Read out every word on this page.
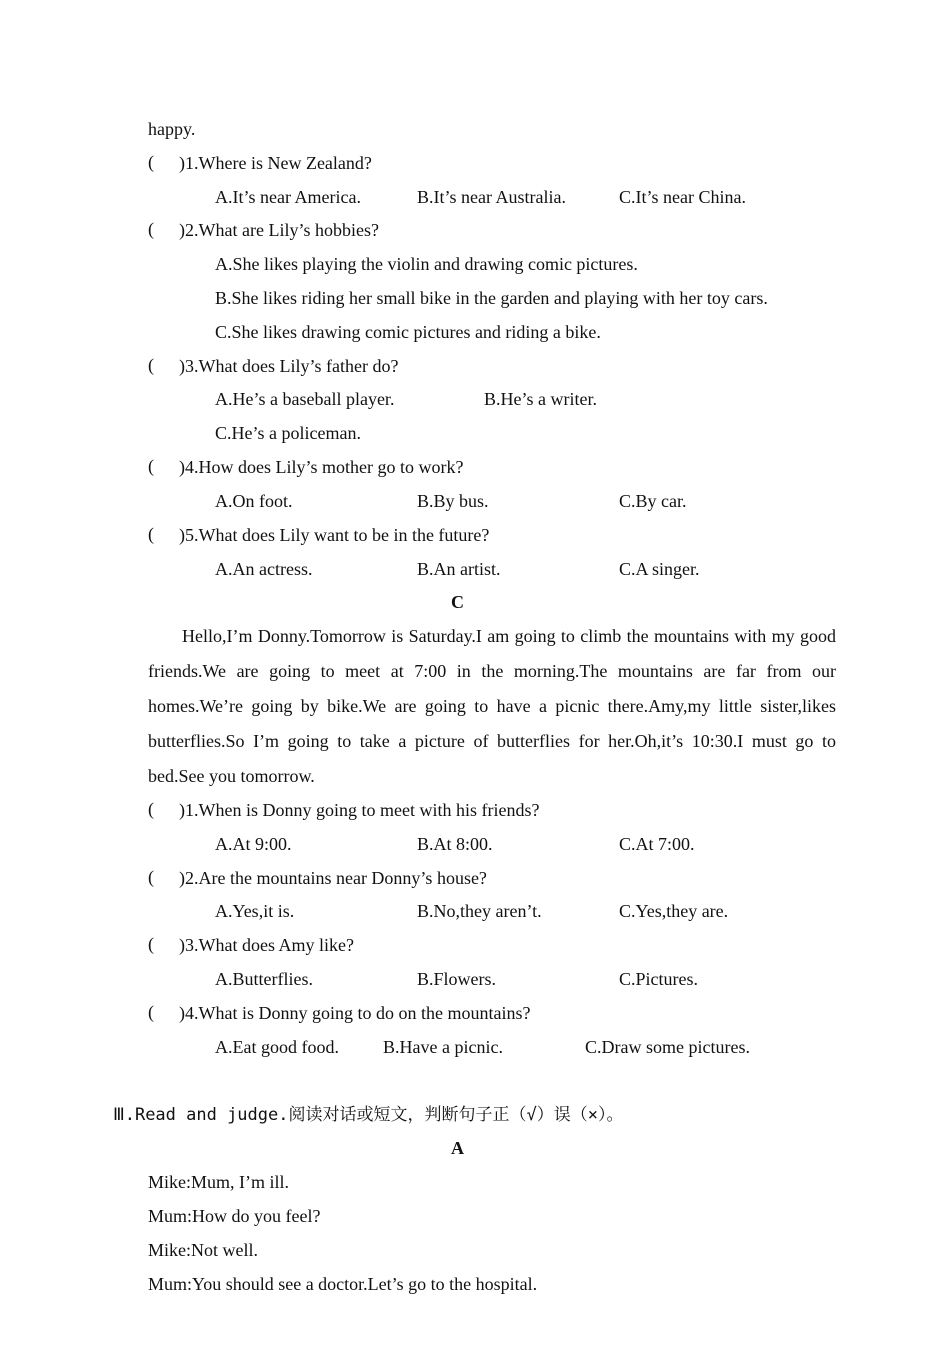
happy.
( )1.Where is New Zealand?
A.It’s near America.	B.It’s near Australia.	C.It’s near China.
( )2.What are Lily’s hobbies?
A.She likes playing the violin and drawing comic pictures.
B.She likes riding her small bike in the garden and playing with her toy cars.
C.She likes drawing comic pictures and riding a bike.
( )3.What does Lily’s father do?
A.He’s a baseball player.	B.He’s a writer.
C.He’s a policeman.
( )4.How does Lily’s mother go to work?
A.On foot.	B.By bus.	C.By car.
( )5.What does Lily want to be in the future?
A.An actress.	B.An artist.	C.A singer.
C
Hello,I’m Donny.Tomorrow is Saturday.I am going to climb the mountains with my good friends.We are going to meet at 7:00 in the morning.The mountains are far from our homes.We’re going by bike.We are going to have a picnic there.Amy,my little sister,likes butterflies.So I’m going to take a picture of butterflies for her.Oh,it’s 10:30.I must go to bed.See you tomorrow.
( )1.When is Donny going to meet with his friends?
A.At 9:00.	B.At 8:00.	C.At 7:00.
( )2.Are the mountains near Donny’s house?
A.Yes,it is.	B.No,they aren’t.	C.Yes,they are.
( )3.What does Amy like?
A.Butterflies.	B.Flowers.	C.Pictures.
( )4.What is Donny going to do on the mountains?
A.Eat good food. B.Have a picnic.	C.Draw some pictures.
Ⅲ.Read and judge.阅读对话或短文，判断句子正（√）误（×）。
A
Mike:Mum, I’m ill.
Mum:How do you feel?
Mike:Not well.
Mum:You should see a doctor.Let’s go to the hospital.
